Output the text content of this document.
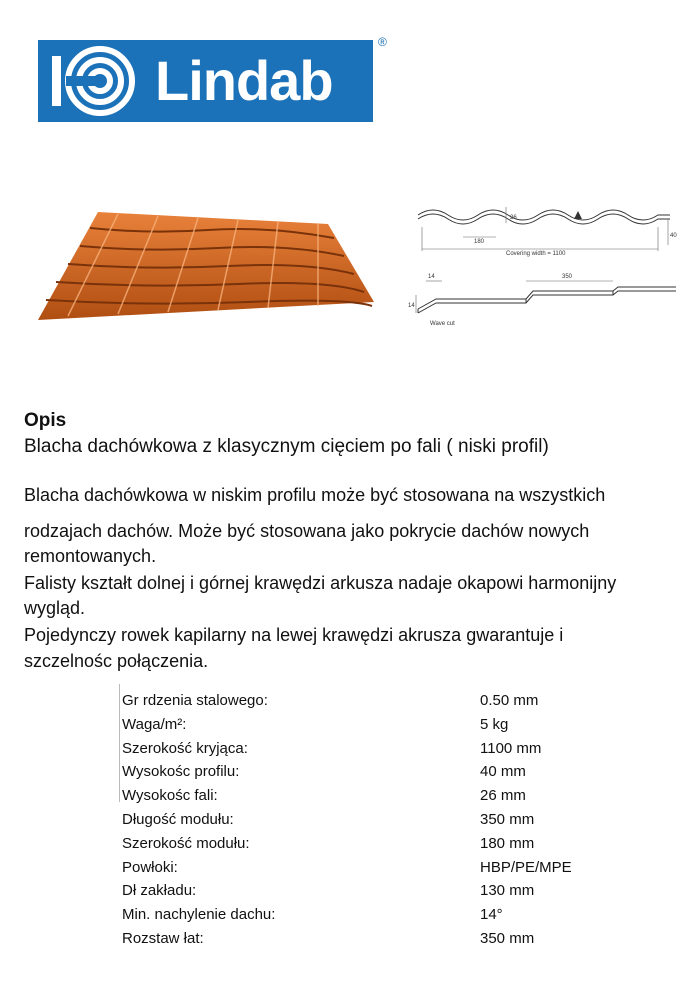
Lindab
®
26
180
Covering width = 1100
40
14	350
14
Wave cut
Opis
Blacha dachówkowa z klasycznym cięciem po fali ( niski profil)
Blacha dachówkowa w niskim profilu może być stosowana na wszystkich
rodzajach dachów. Może być stosowana jako pokrycie dachów nowych
remontowanych.
Falisty kształt dolnej i górnej krawędzi arkusza nadaje okapowi harmonijny
wygląd.
Pojedynczy rowek kapilarny na lewej krawędzi akrusza gwarantuje i
szczelnośc połączenia.
Gr rdzenia stalowego:	0.50 mm
Waga/m²:	5 kg
Szerokość kryjąca:	1100 mm
Wysokośc profilu:	40 mm
Wysokośc fali:	26 mm
Długość modułu:	350 mm
Szerokość modułu:	180 mm
Powłoki:	HBP/PE/MPE
Dł zakładu:	130 mm
Min. nachylenie dachu:	14°
Rozstaw łat:	350 mm
